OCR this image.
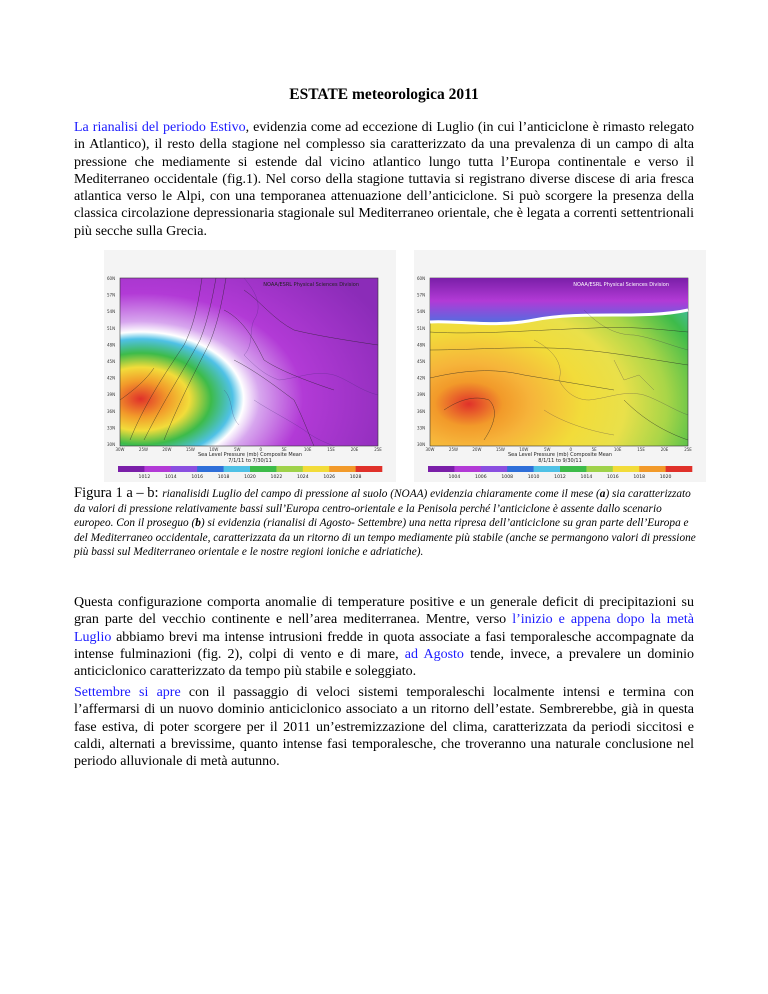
ESTATE meteorologica 2011
La rianalisi del periodo Estivo, evidenzia come ad eccezione di Luglio (in cui l’anticiclone è rimasto relegato in Atlantico), il resto della stagione nel complesso sia caratterizzato da una prevalenza di un campo di alta pressione che mediamente si estende dal vicino atlantico lungo tutta l’Europa continentale e verso il Mediterraneo occidentale (fig.1). Nel corso della stagione tuttavia si registrano diverse discese di aria fresca atlantica verso le Alpi, con una temporanea attenuazione dell’anticiclone. Si può scorgere la presenza della classica circolazione depressionaria stagionale sul Mediterraneo orientale, che è legata a correnti settentrionali più secche sulla Grecia.
NOAA/ESRL Physical Sciences Division
Sea Level Pressure (mb) Composite Mean
7/1/11 to 7/30/11
60N
57N
54N
51N
48N
45N
42N
39N
36N
33N
30N
30W	25W	20W	15W	10W	5W	0	5E	10E	15E	20E	25E
1012	1014	1016	1018	1020	1022	1024	1026	1028
NOAA/ESRL Physical Sciences Division
Sea Level Pressure (mb) Composite Mean
8/1/11 to 9/30/11
60N
57N
54N
51N
48N
45N
42N
39N
36N
33N
30N
30W	25W	20W	15W	10W	5W	0	5E	10E	15E	20E	25E
1004	1006	1008	1010	1012	1014	1016	1018	1020
Figura 1 a – b: rianalisidi Luglio del campo di pressione al suolo (NOAA) evidenzia chiaramente come il mese (a) sia caratterizzato da valori di pressione relativamente bassi sull’Europa centro-orientale e la Penisola perché l’anticiclone è assente dallo scenario europeo. Con il proseguo (b) si evidenzia (rianalisi di Agosto- Settembre) una netta ripresa dell’anticiclone su gran parte dell’Europa e del Mediterraneo occidentale, caratterizzata da un ritorno di un tempo mediamente più stabile (anche se permangono valori di pressione più bassi sul Mediterraneo orientale e le nostre regioni ioniche e adriatiche).
Questa configurazione comporta anomalie di temperature positive e un generale deficit di precipitazioni su gran parte del vecchio continente e nell’area mediterranea. Mentre, verso l’inizio e appena dopo la metà Luglio abbiamo brevi ma intense intrusioni fredde in quota associate a fasi temporalesche accompagnate da intense fulminazioni (fig. 2), colpi di vento e di mare, ad Agosto tende, invece, a prevalere un dominio anticiclonico caratterizzato da tempo più stabile e soleggiato.
Settembre si apre con il passaggio di veloci sistemi temporaleschi localmente intensi e termina con l’affermarsi di un nuovo dominio anticiclonico associato a un ritorno dell’estate. Sembrerebbe, già in questa fase estiva, di poter scorgere per il 2011 un’estremizzazione del clima, caratterizzata da periodi siccitosi e caldi, alternati a brevissime, quanto intense fasi temporalesche, che troveranno una naturale conclusione nel periodo alluvionale di metà autunno.
